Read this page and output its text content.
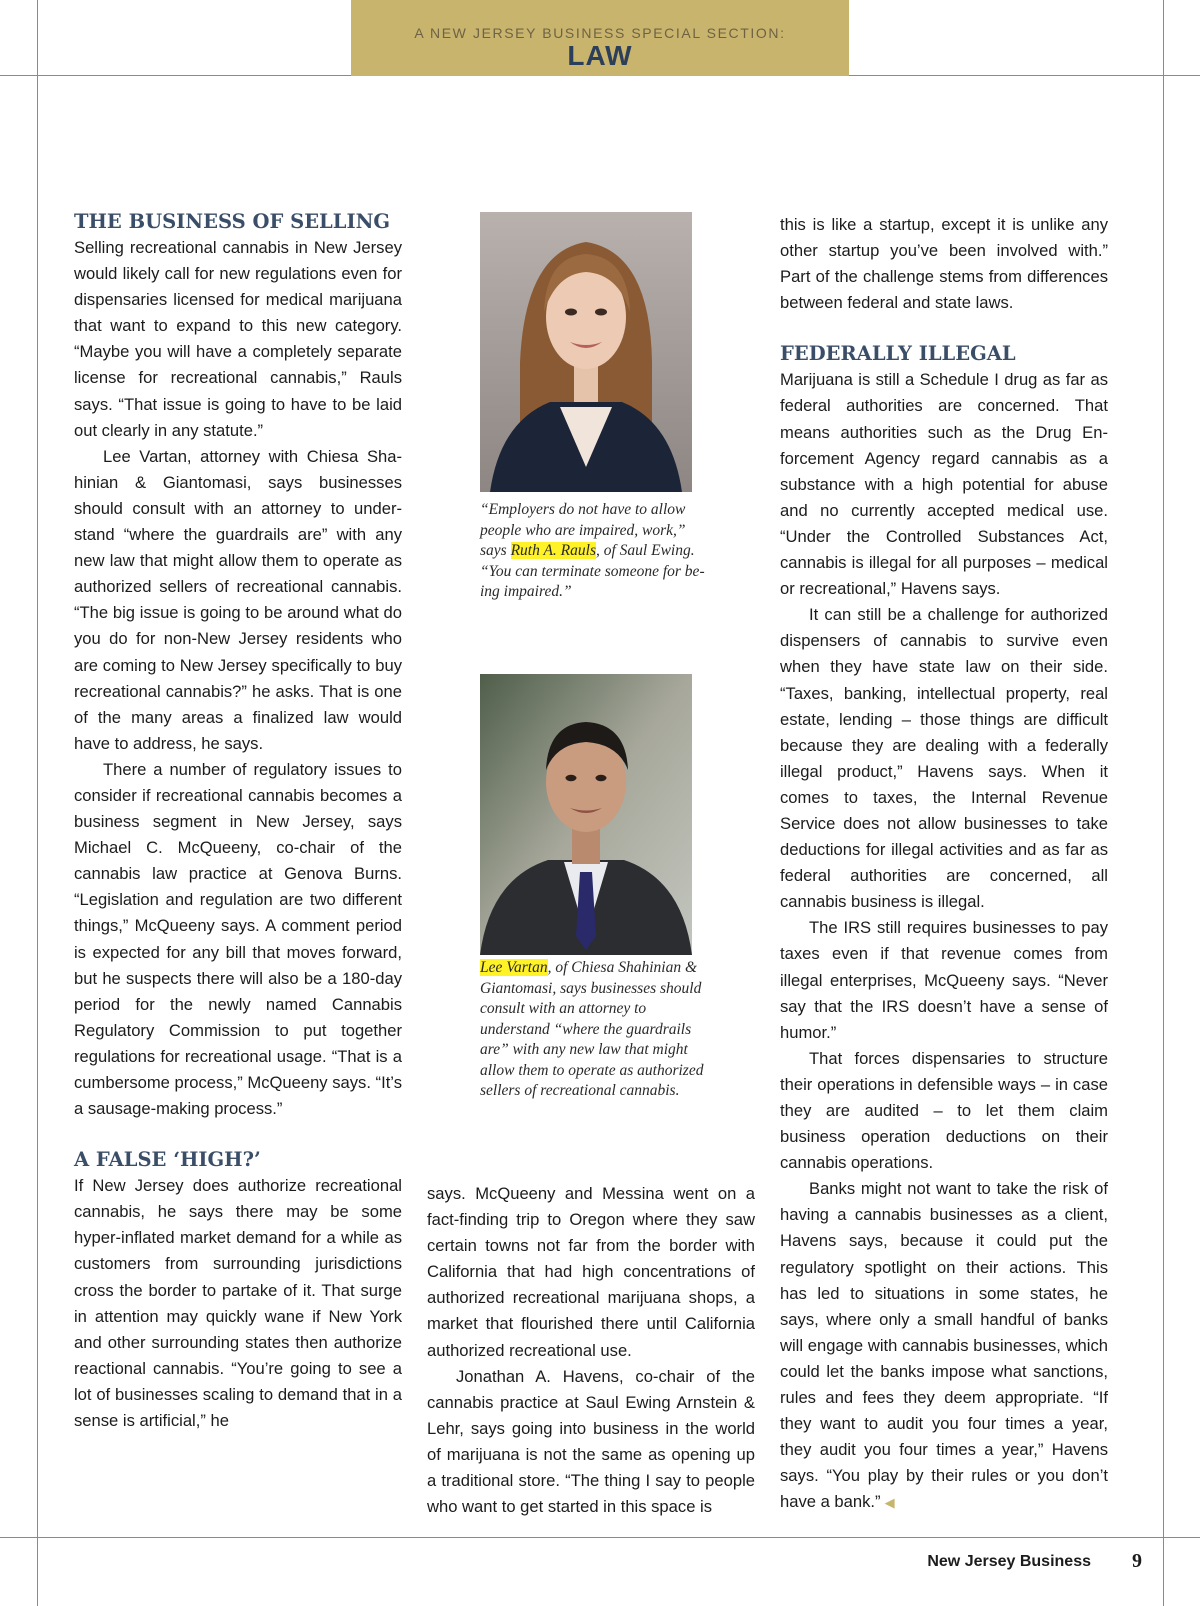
A NEW JERSEY BUSINESS SPECIAL SECTION:
LAW
THE BUSINESS OF SELLING

Selling recreational cannabis in New Jersey would likely call for new regulations even for dispensaries licensed for medical marijuana that want to expand to this new category. “Maybe you will have a completely separate license for recreational cannabis,” Rauls says. “That issue is going to have to be laid out clearly in any statute.”

Lee Vartan, attorney with Chiesa Shahinian & Giantomasi, says businesses should consult with an attorney to understand “where the guardrails are” with any new law that might allow them to operate as authorized sellers of recreational cannabis. “The big issue is going to be around what do you do for non-New Jersey residents who are coming to New Jersey specifically to buy recreational cannabis?” he asks. That is one of the many areas a finalized law would have to address, he says.

There a number of regulatory issues to consider if recreational cannabis becomes a business segment in New Jersey, says Michael C. McQueeny, co-chair of the cannabis law practice at Genova Burns. “Legislation and regulation are two different things,” McQueeny says. A comment period is expected for any bill that moves forward, but he suspects there will also be a 180-day period for the newly named Cannabis Regulatory Commission to put together regulations for recreational usage. “That is a cumbersome process,” McQueeny says. “It’s a sausage-making process.”

A FALSE ‘HIGH?’

If New Jersey does authorize recreational cannabis, he says there may be some hyper-inflated market demand for a while as customers from surrounding jurisdictions cross the border to partake of it. That surge in attention may quickly wane if New York and other surrounding states then authorize reactional cannabis. “You’re going to see a lot of businesses scaling to demand that in a sense is artificial,” he

“Employers do not have to allow people who are impaired, work,” says Ruth A. Rauls, of Saul Ewing. “You can terminate someone for being impaired.”
Lee Vartan, of Chiesa Shahinian & Giantomasi, says businesses should consult with an attorney to understand “where the guardrails are” with any new law that might allow them to operate as authorized sellers of recreational cannabis.

says. McQueeny and Messina went on a fact-finding trip to Oregon where they saw certain towns not far from the border with California that had high concentrations of authorized recreational marijuana shops, a market that flourished there until California authorized recreational use.

Jonathan A. Havens, co-chair of the cannabis practice at Saul Ewing Arnstein & Lehr, says going into business in the world of marijuana is not the same as opening up a traditional store. “The thing I say to people who want to get started in this space is

this is like a startup, except it is unlike any other startup you’ve been involved with.” Part of the challenge stems from differences between federal and state laws.

FEDERALLY ILLEGAL

Marijuana is still a Schedule I drug as far as federal authorities are concerned. That means authorities such as the Drug Enforcement Agency regard cannabis as a substance with a high potential for abuse and no currently accepted medical use. “Under the Controlled Substances Act, cannabis is illegal for all purposes – medical or recreational,” Havens says.

It can still be a challenge for authorized dispensers of cannabis to survive even when they have state law on their side. “Taxes, banking, intellectual property, real estate, lending – those things are difficult because they are dealing with a federally illegal product,” Havens says. When it comes to taxes, the Internal Revenue Service does not allow businesses to take deductions for illegal activities and as far as federal authorities are concerned, all cannabis business is illegal.

The IRS still requires businesses to pay taxes even if that revenue comes from illegal enterprises, McQueeny says. “Never say that the IRS doesn’t have a sense of humor.”

That forces dispensaries to structure their operations in defensible ways – in case they are audited – to let them claim business operation deductions on their cannabis operations.

Banks might not want to take the risk of having a cannabis businesses as a client, Havens says, because it could put the regulatory spotlight on their actions. This has led to situations in some states, he says, where only a small handful of banks will engage with cannabis businesses, which could let the banks impose what sanctions, rules and fees they deem appropriate. “If they want to audit you four times a year, they audit you four times a year,” Havens says. “You play by their rules or you don’t have a bank.” ◀

New Jersey Business 9
